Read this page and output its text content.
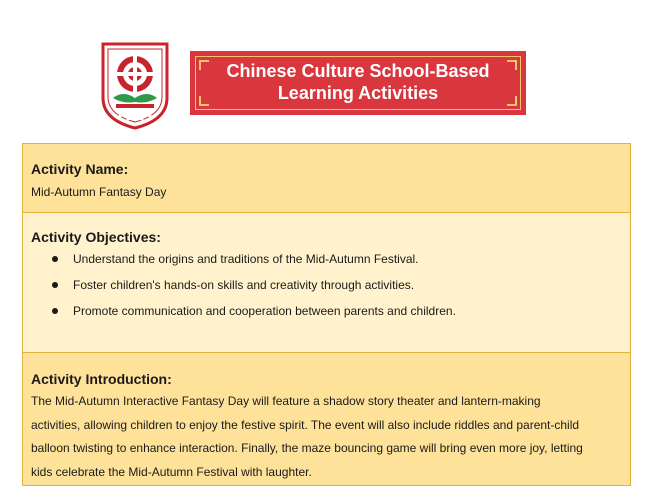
Chinese Culture School-Based
Learning Activities
Activity Name:
Mid-Autumn Fantasy Day
Activity Objectives:
Understand the origins and traditions of the Mid-Autumn Festival.
Foster children's hands-on skills and creativity through activities.
Promote communication and cooperation between parents and children.
Activity Introduction:
The Mid-Autumn Interactive Fantasy Day will feature a shadow story theater and lantern-making
activities, allowing children to enjoy the festive spirit. The event will also include riddles and parent-child
balloon twisting to enhance interaction. Finally, the maze bouncing game will bring even more joy, letting
kids celebrate the Mid-Autumn Festival with laughter.
